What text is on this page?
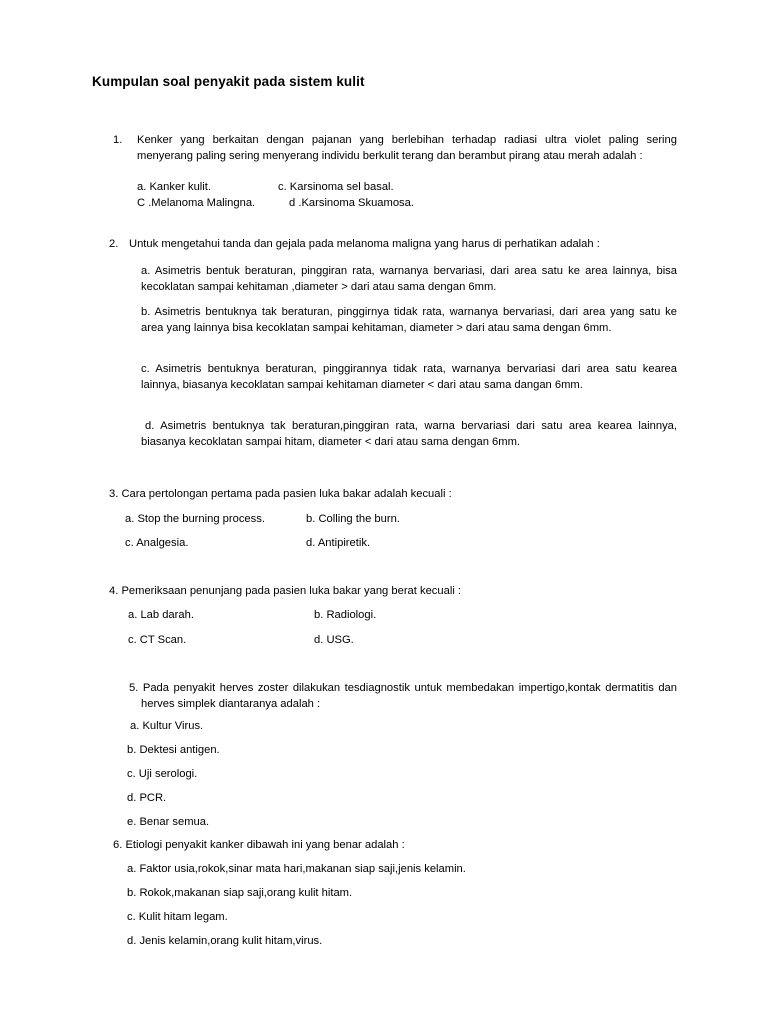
Kumpulan soal penyakit pada sistem kulit
1. Kenker yang berkaitan dengan pajanan yang berlebihan terhadap radiasi ultra violet paling sering menyerang paling sering menyerang individu berkulit terang dan berambut pirang atau merah adalah :
a. Kanker kulit.	c. Karsinoma sel basal.
C .Melanoma Malingna.	d .Karsinoma Skuamosa.
2. Untuk mengetahui tanda dan gejala pada melanoma maligna yang harus di perhatikan adalah :
a. Asimetris bentuk beraturan, pinggiran rata, warnanya bervariasi, dari area satu ke area lainnya, bisa kecoklatan sampai kehitaman ,diameter > dari atau sama dengan 6mm.
b. Asimetris bentuknya tak beraturan, pinggirnya tidak rata, warnanya bervariasi, dari area yang satu ke area yang lainnya bisa kecoklatan sampai kehitaman, diameter > dari atau sama dengan 6mm.
c. Asimetris bentuknya beraturan, pinggirannya tidak rata, warnanya bervariasi dari area satu kearea lainnya, biasanya kecoklatan sampai kehitaman diameter < dari atau sama dangan 6mm.
d. Asimetris bentuknya tak beraturan,pinggiran rata, warna bervariasi dari satu area kearea lainnya, biasanya kecoklatan sampai hitam, diameter < dari atau sama dengan 6mm.
3. Cara pertolongan pertama pada pasien luka bakar adalah kecuali :
a. Stop the burning process.	b. Colling the burn.
c. Analgesia.	d. Antipiretik.
4. Pemeriksaan penunjang pada pasien luka bakar yang berat kecuali :
a. Lab darah.	b. Radiologi.
c. CT Scan.	d. USG.
5. Pada penyakit herves zoster dilakukan tesdiagnostik untuk membedakan impertigo,kontak dermatitis dan herves simplek diantaranya adalah :
a. Kultur Virus.
b. Dektesi antigen.
c. Uji serologi.
d. PCR.
e. Benar semua.
6. Etiologi penyakit kanker dibawah ini yang benar adalah :
a. Faktor usia,rokok,sinar mata hari,makanan siap saji,jenis kelamin.
b. Rokok,makanan siap saji,orang kulit hitam.
c. Kulit hitam legam.
d. Jenis kelamin,orang kulit hitam,virus.
